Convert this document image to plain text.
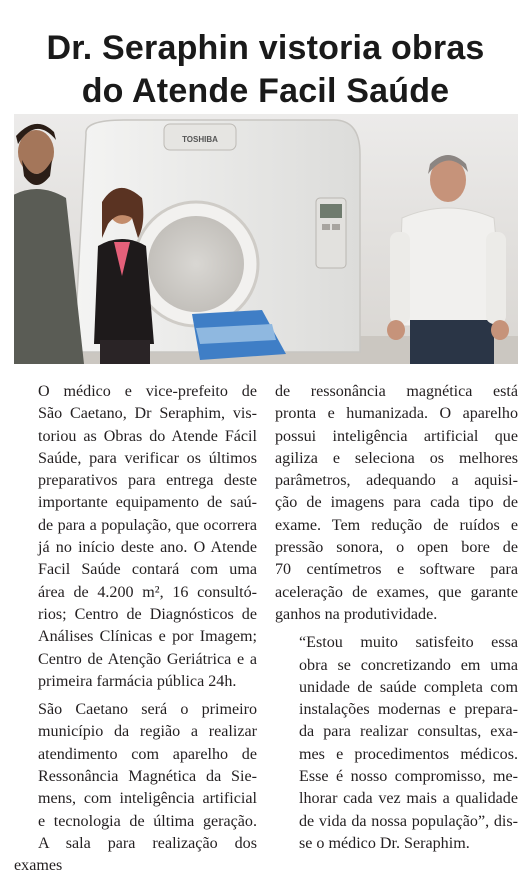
Dr. Seraphin vistoria obras
do Atende Facil Saúde
TOSHIBA

O médico e vice-prefeito de
São Caetano, Dr Seraphim, vis-
toriou as Obras do Atende Fácil
Saúde, para verificar os últimos
preparativos para entrega deste
importante equipamento de saú-
de para a população, que ocorrera
já no início deste ano. O Atende
Facil Saúde contará com uma
área de 4.200 m², 16 consultó-
rios; Centro de Diagnósticos de
Análises Clínicas e por Imagem;
Centro de Atenção Geriátrica e a
primeira farmácia pública 24h.

São Caetano será o primeiro
município da região a realizar
atendimento com aparelho de
Ressonância Magnética da Sie-
mens, com inteligência artificial
e tecnologia de última geração.
A sala para realização dos exames

de ressonância magnética está
pronta e humanizada. O aparelho
possui inteligência artificial que
agiliza e seleciona os melhores
parâmetros, adequando a aquisi-
ção de imagens para cada tipo de
exame. Tem redução de ruídos e
pressão sonora, o open bore de
70 centímetros e software para
aceleração de exames, que garante
ganhos na produtividade.

“Estou muito satisfeito essa
obra se concretizando em uma
unidade de saúde completa com
instalações modernas e prepara-
da para realizar consultas, exa-
mes e procedimentos médicos.
Esse é nosso compromisso, me-
lhorar cada vez mais a qualidade
de vida da nossa população”, dis-
se o médico Dr. Seraphim.
